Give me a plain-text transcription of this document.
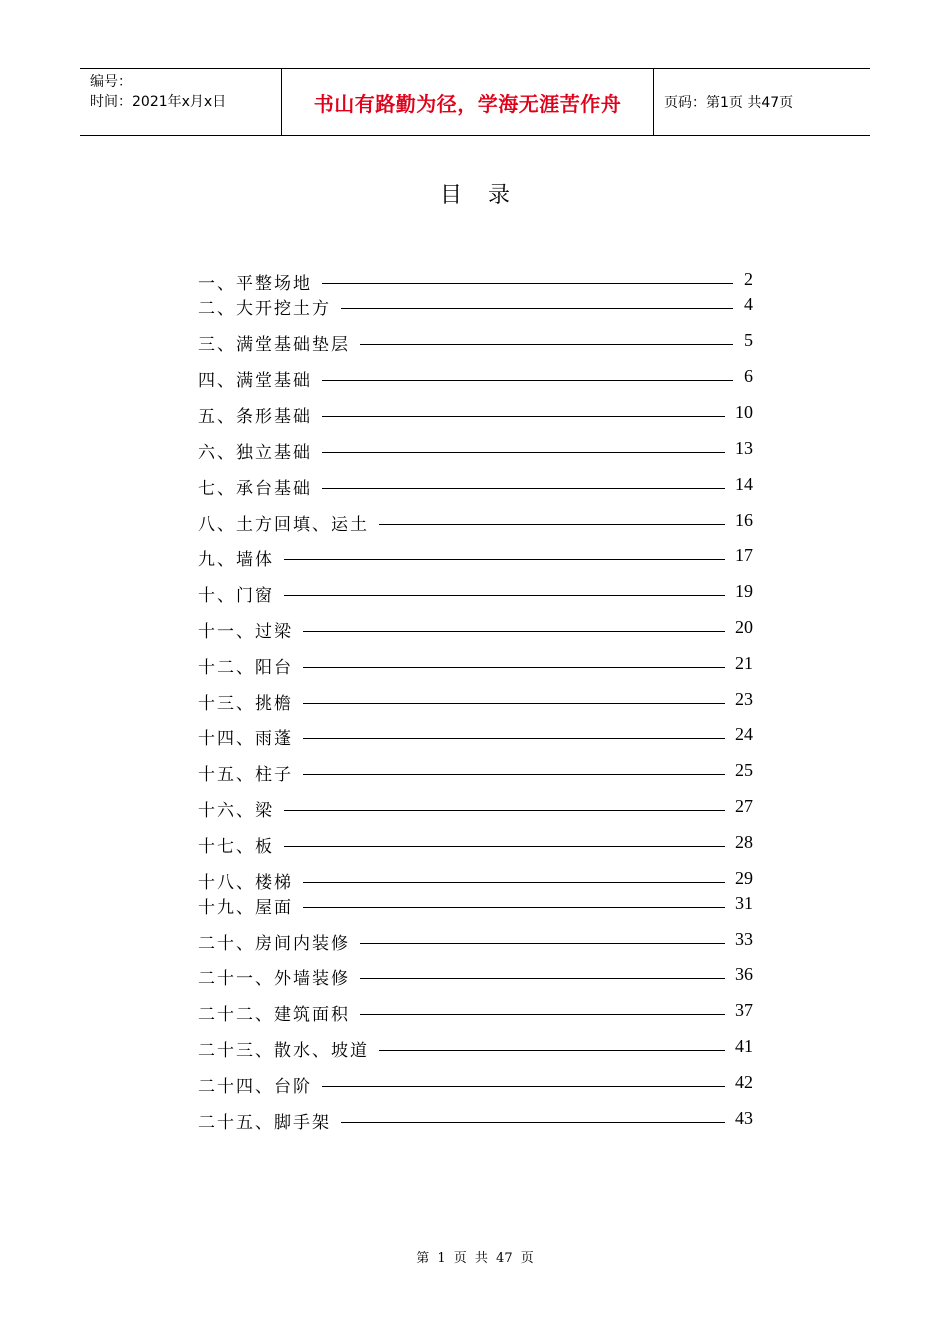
编号：
时间：2021年x月x日	书山有路勤为径，学海无涯苦作舟	页码：第1页 共47页
目录
一、平整场地	2
二、大开挖土方	4
三、满堂基础垫层	5
四、满堂基础	6
五、条形基础	10
六、独立基础	13
七、承台基础	14
八、土方回填、运土	16
九、墙体	17
十、门窗	19
十一、过梁	20
十二、阳台	21
十三、挑檐	23
十四、雨蓬	24
十五、柱子	25
十六、梁	27
十七、板	28
十八、楼梯	29
十九、屋面	31
二十、房间内装修	33
二十一、外墙装修	36
二十二、建筑面积	37
二十三、散水、坡道	41
二十四、台阶	42
二十五、脚手架	43
第 1 页 共 47 页
